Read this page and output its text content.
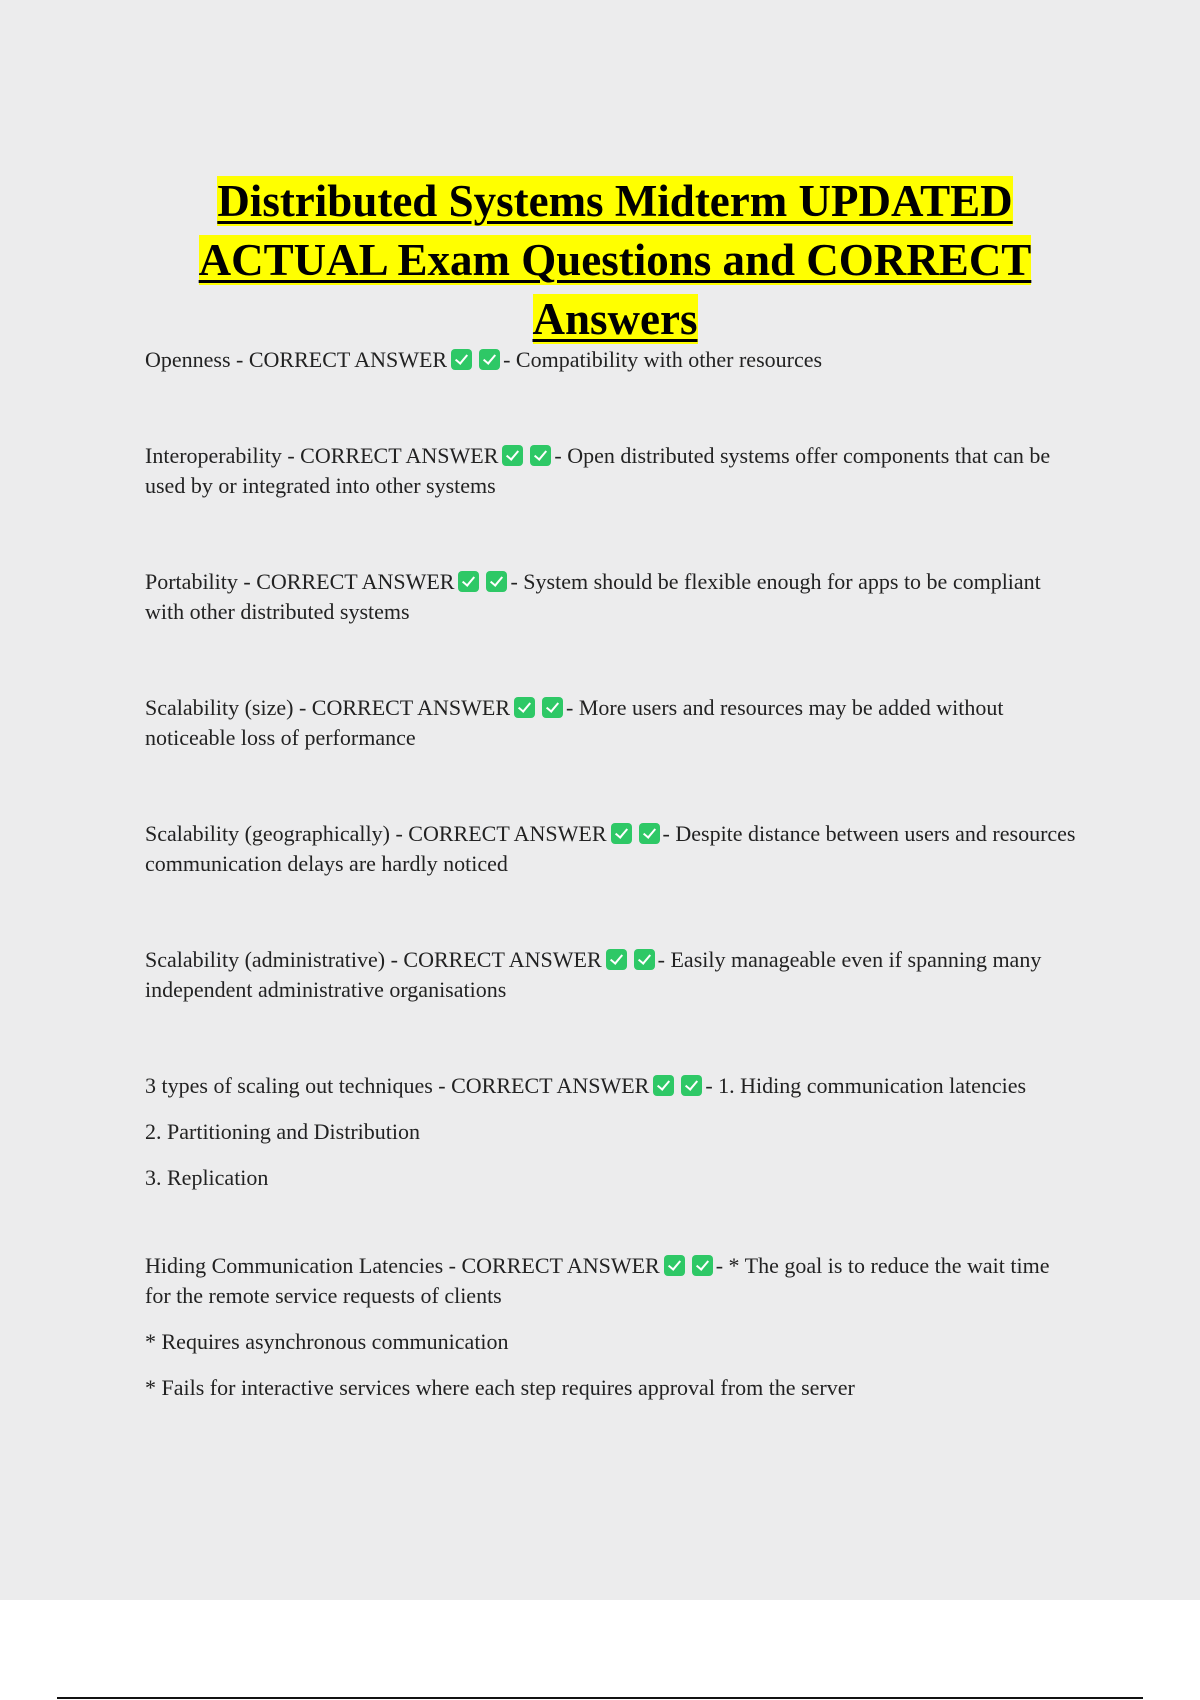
Distributed Systems Midterm UPDATED ACTUAL Exam Questions and CORRECT Answers

Openness - CORRECT ANSWER	- Compatibility with other resources

Interoperability - CORRECT ANSWER	- Open distributed systems offer components that can be used by or integrated into other systems

Portability - CORRECT ANSWER	- System should be flexible enough for apps to be compliant with other distributed systems

Scalability (size) - CORRECT ANSWER	- More users and resources may be added without noticeable loss of performance

Scalability (geographically) - CORRECT ANSWER	- Despite distance between users and resources communication delays are hardly noticed

Scalability (administrative) - CORRECT ANSWER	- Easily manageable even if spanning many independent administrative organisations

3 types of scaling out techniques - CORRECT ANSWER	- 1. Hiding communication latencies

2. Partitioning and Distribution

3. Replication

Hiding Communication Latencies - CORRECT ANSWER	- * The goal is to reduce the wait time for the remote service requests of clients

* Requires asynchronous communication

* Fails for interactive services where each step requires approval from the server
